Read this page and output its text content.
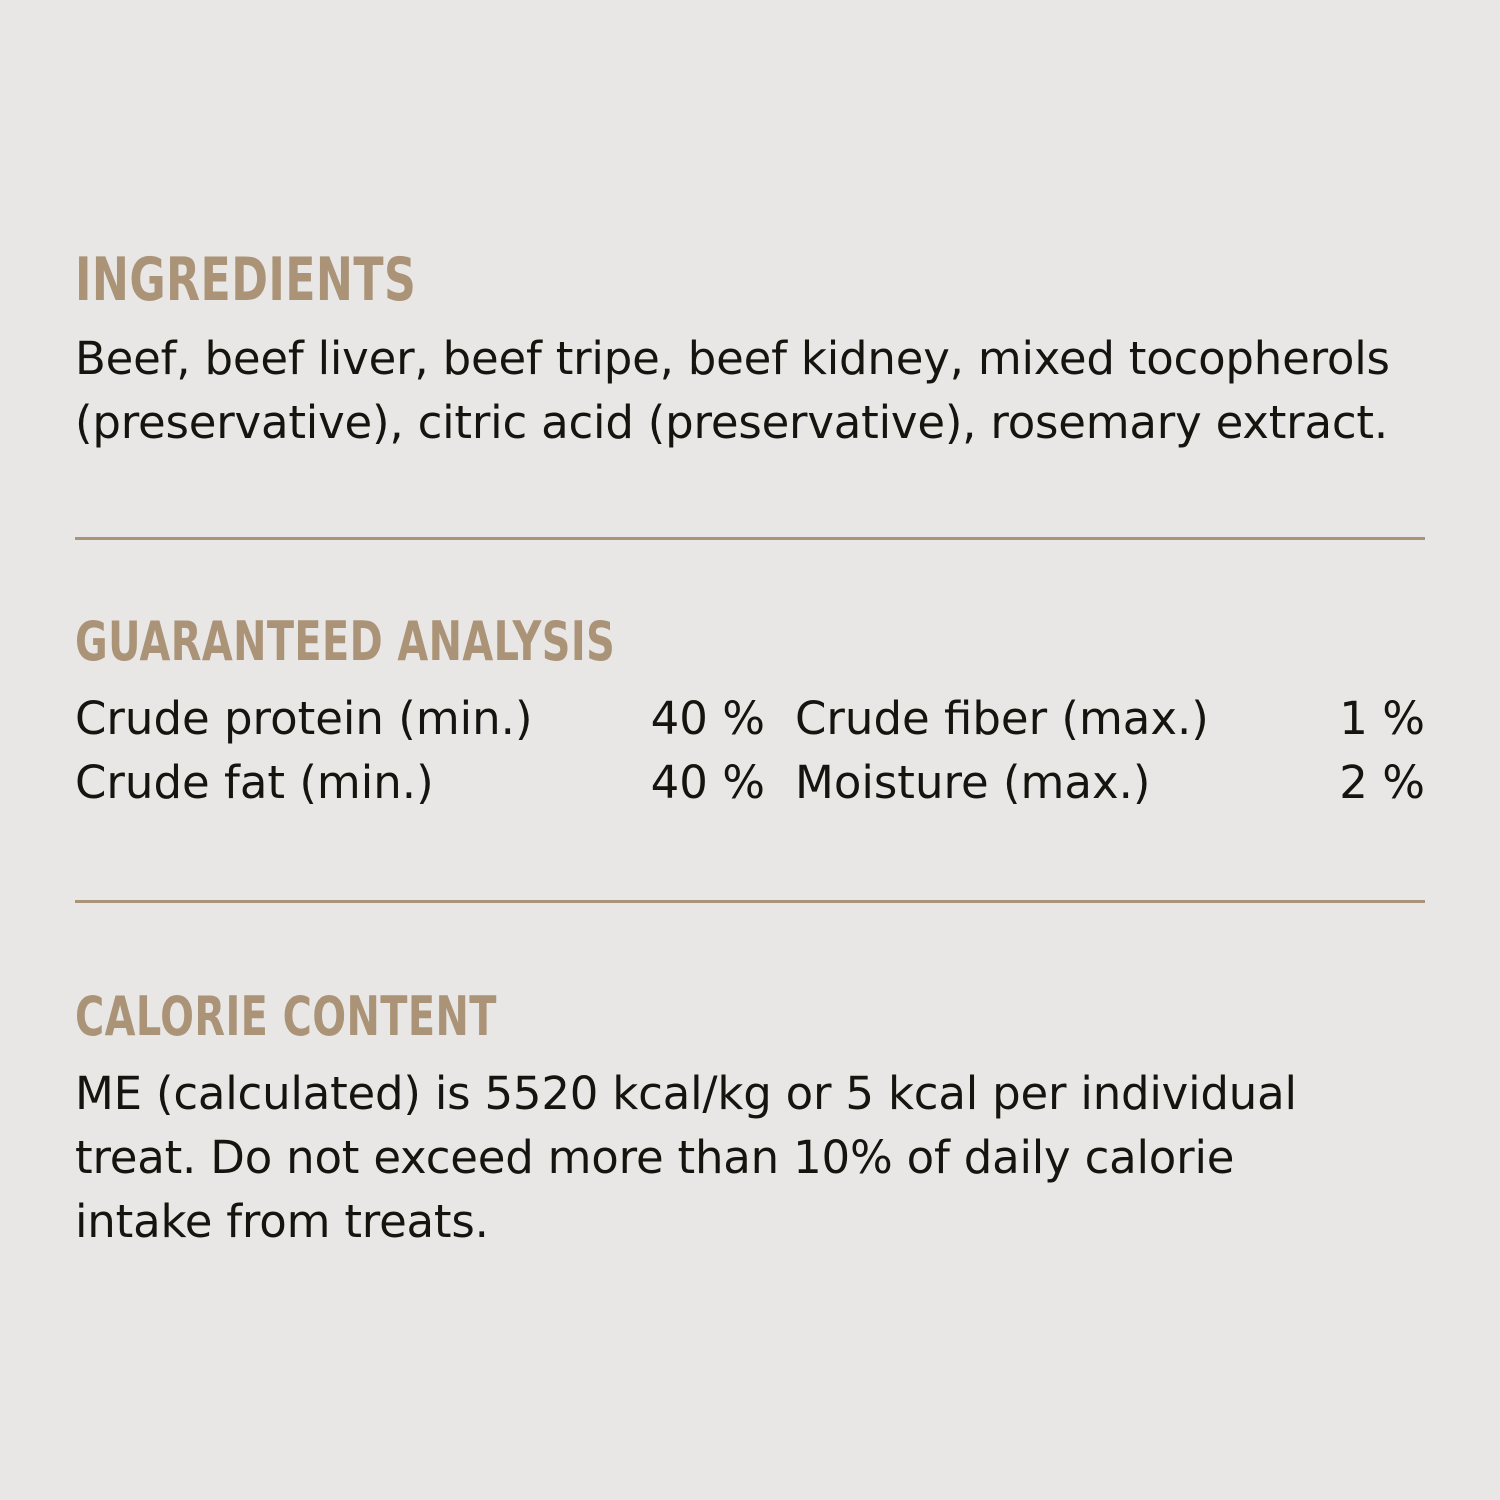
INGREDIENTS
Beef, beef liver, beef tripe, beef kidney, mixed tocopherols (preservative), citric acid (preservative), rosemary extract.
GUARANTEED ANALYSIS
Crude protein (min.)	40 % Crude fiber (max.)	1 %
Crude fat (min.)	40 % Moisture (max.)	2 %
CALORIE CONTENT
ME (calculated) is 5520 kcal/kg or 5 kcal per individual treat. Do not exceed more than 10% of daily calorie intake from treats.
